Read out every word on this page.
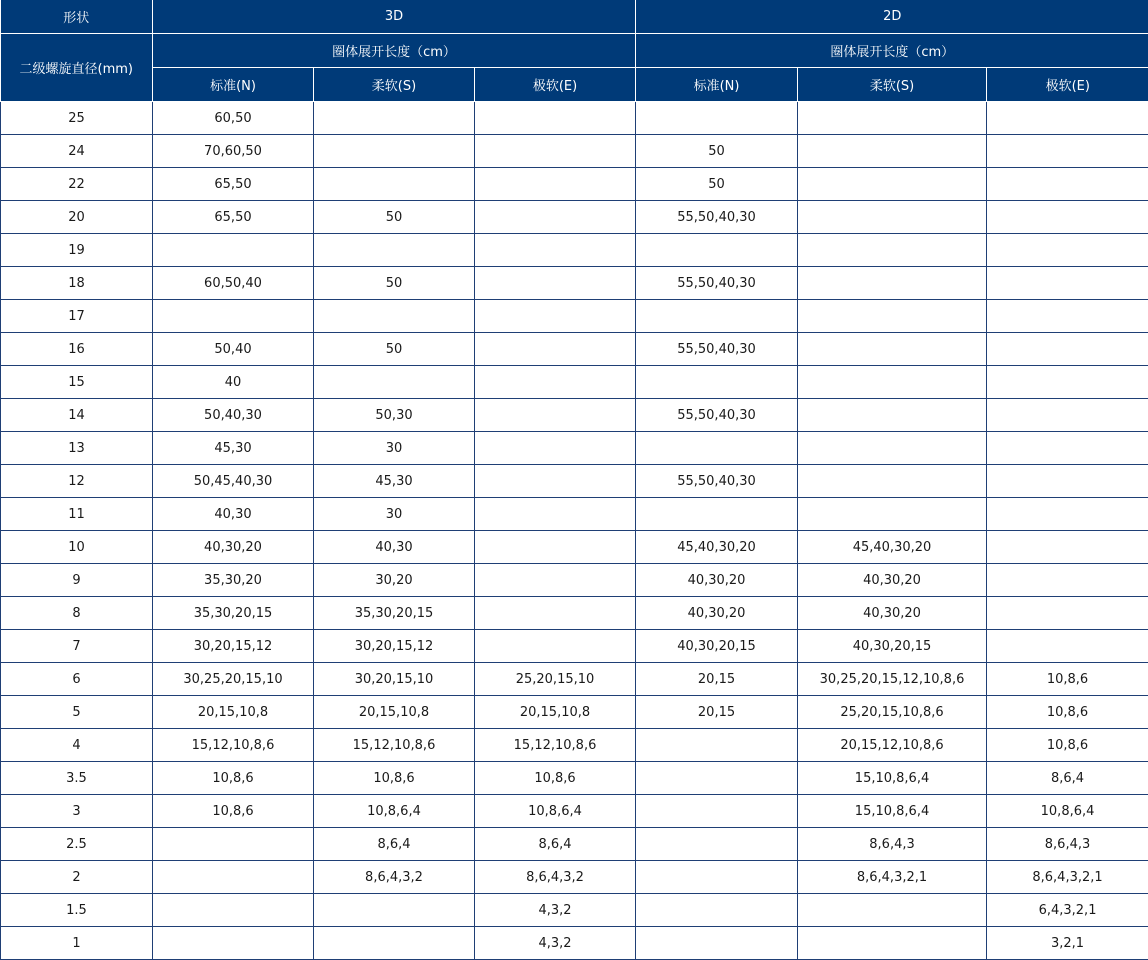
形状	3D			2D		
二级螺旋直径(mm)	圈体展开长度（cm）			圈体展开长度（cm）		
	标准(N)	柔软(S)	极软(E)	标准(N)	柔软(S)	极软(E)
25	60,50					
24	70,60,50			50		
22	65,50			50		
20	65,50	50		55,50,40,30		
19						
18	60,50,40	50		55,50,40,30		
17						
16	50,40	50		55,50,40,30		
15	40					
14	50,40,30	50,30		55,50,40,30		
13	45,30	30				
12	50,45,40,30	45,30		55,50,40,30		
11	40,30	30				
10	40,30,20	40,30		45,40,30,20	45,40,30,20	
9	35,30,20	30,20		40,30,20	40,30,20	
8	35,30,20,15	35,30,20,15		40,30,20	40,30,20	
7	30,20,15,12	30,20,15,12		40,30,20,15	40,30,20,15	
6	30,25,20,15,10	30,20,15,10	25,20,15,10	20,15	30,25,20,15,12,10,8,6	10,8,6
5	20,15,10,8	20,15,10,8	20,15,10,8	20,15	25,20,15,10,8,6	10,8,6
4	15,12,10,8,6	15,12,10,8,6	15,12,10,8,6		20,15,12,10,8,6	10,8,6
3.5	10,8,6	10,8,6	10,8,6		15,10,8,6,4	8,6,4
3	10,8,6	10,8,6,4	10,8,6,4		15,10,8,6,4	10,8,6,4
2.5		8,6,4	8,6,4		8,6,4,3	8,6,4,3
2		8,6,4,3,2	8,6,4,3,2		8,6,4,3,2,1	8,6,4,3,2,1
1.5			4,3,2			6,4,3,2,1
1			4,3,2			3,2,1
